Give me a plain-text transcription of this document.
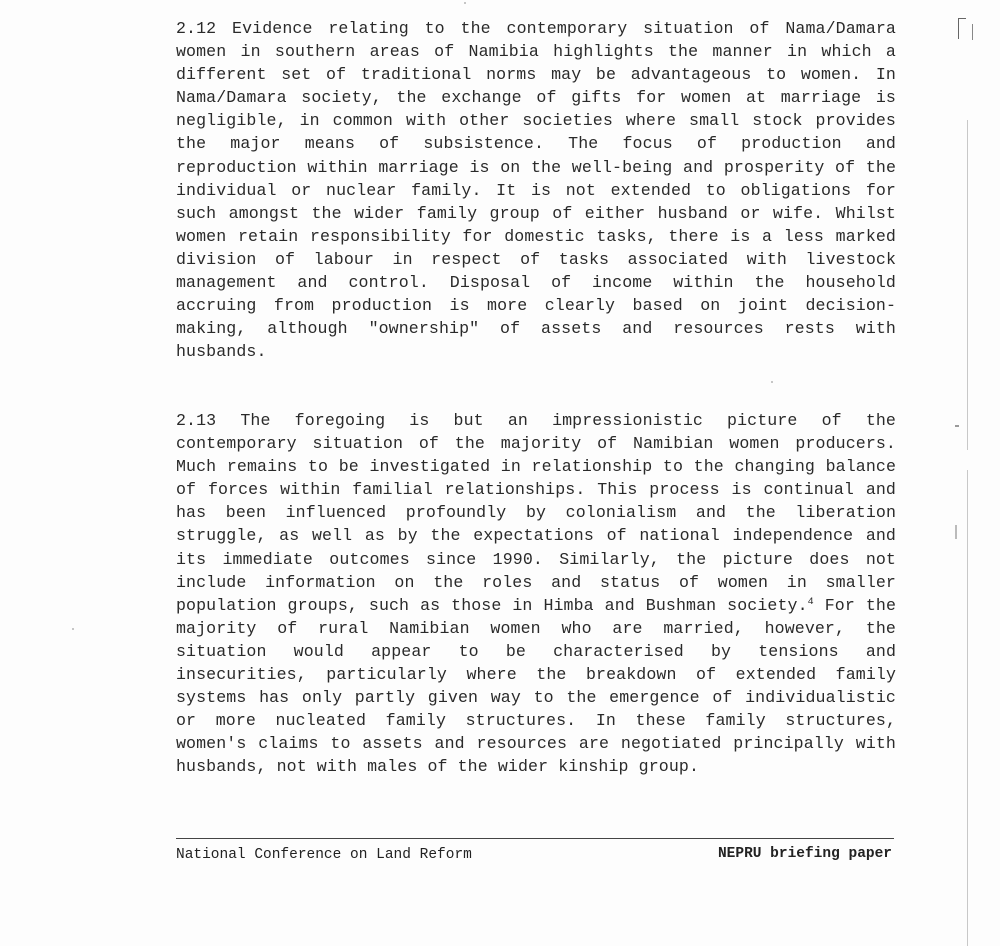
2.12 Evidence relating to the contemporary situation of Nama/Damara women in southern areas of Namibia highlights the manner in which a different set of traditional norms may be advantageous to women. In Nama/Damara society, the exchange of gifts for women at marriage is negligible, in common with other societies where small stock provides the major means of subsistence. The focus of production and reproduction within marriage is on the well-being and prosperity of the individual or nuclear family. It is not extended to obligations for such amongst the wider family group of either husband or wife. Whilst women retain responsibility for domestic tasks, there is a less marked division of labour in respect of tasks associated with livestock management and control. Disposal of income within the household accruing from production is more clearly based on joint decision-making, although "ownership" of assets and resources rests with husbands.

2.13 The foregoing is but an impressionistic picture of the contemporary situation of the majority of Namibian women producers. Much remains to be investigated in relationship to the changing balance of forces within familial relationships. This process is continual and has been influenced profoundly by colonialism and the liberation struggle, as well as by the expectations of national independence and its immediate outcomes since 1990. Similarly, the picture does not include information on the roles and status of women in smaller population groups, such as those in Himba and Bushman society.$^4$ For the majority of rural Namibian women who are married, however, the situation would appear to be characterised by tensions and insecurities, particularly where the breakdown of extended family systems has only partly given way to the emergence of individualistic or more nucleated family structures. In these family structures, women's claims to assets and resources are negotiated principally with husbands, not with males of the wider kinship group.

National Conference on Land Reform	NEPRU briefing paper
